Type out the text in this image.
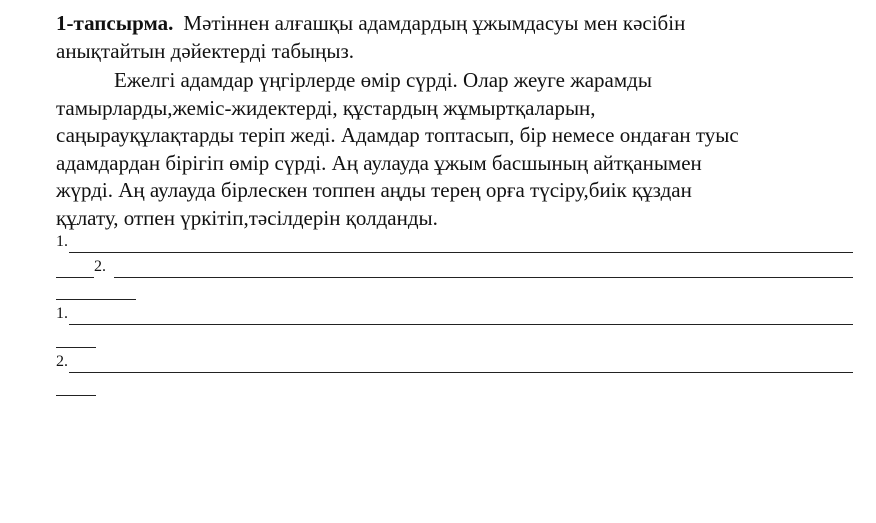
1-тапсырма. Мәтіннен алғашқы адамдардың ұжымдасуы мен кәсібін
анықтайтын дәйектерді табыңыз.

Ежелгі адамдар үңгірлерде өмір сүрді. Олар жеуге жарамды
тамырларды,жеміс-жидектерді, құстардың жұмыртқаларын,
саңырауқұлақтарды теріп жеді. Адамдар топтасып, бір немесе ондаған туыс
адамдардан бірігіп өмір сүрді. Аң аулауда ұжым басшының айтқанымен
жүрді. Аң аулауда бірлескен топпен аңды терең орға түсіру,биік құздан
құлату, отпен үркітіп,тәсілдерін қолданды.

1.
2.
1.
2.
